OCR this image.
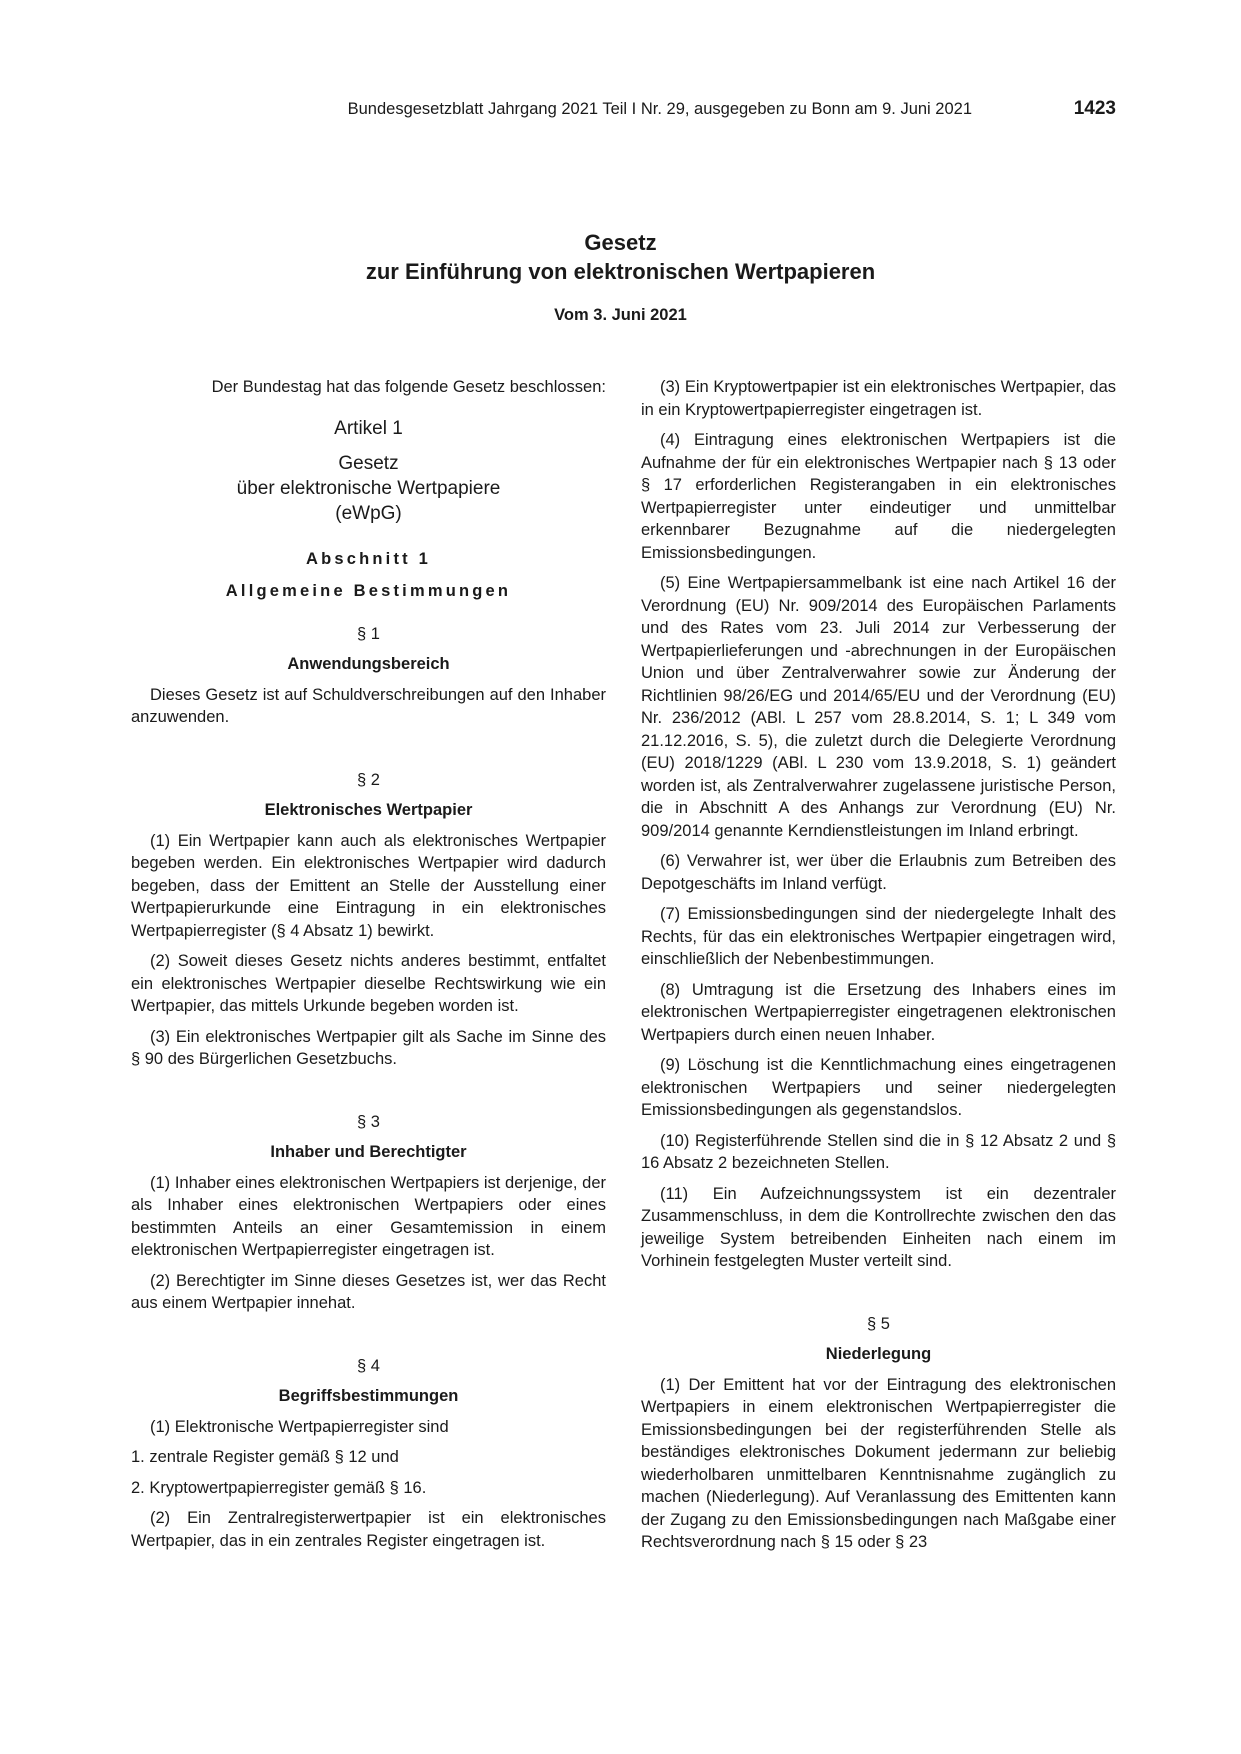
Bundesgesetzblatt Jahrgang 2021 Teil I Nr. 29, ausgegeben zu Bonn am 9. Juni 2021	1423
Gesetz
zur Einführung von elektronischen Wertpapieren
Vom 3. Juni 2021

Der Bundestag hat das folgende Gesetz beschlossen:

Artikel 1
Gesetz
über elektronische Wertpapiere
(eWpG)
Abschnitt 1
Allgemeine Bestimmungen
§ 1
Anwendungsbereich

Dieses Gesetz ist auf Schuldverschreibungen auf den Inhaber anzuwenden.

§ 2
Elektronisches Wertpapier

(1) Ein Wertpapier kann auch als elektronisches Wertpapier begeben werden. Ein elektronisches Wertpapier wird dadurch begeben, dass der Emittent an Stelle der Ausstellung einer Wertpapierurkunde eine Eintragung in ein elektronisches Wertpapierregister (§ 4 Absatz 1) bewirkt.

(2) Soweit dieses Gesetz nichts anderes bestimmt, entfaltet ein elektronisches Wertpapier dieselbe Rechtswirkung wie ein Wertpapier, das mittels Urkunde begeben worden ist.

(3) Ein elektronisches Wertpapier gilt als Sache im Sinne des § 90 des Bürgerlichen Gesetzbuchs.

§ 3
Inhaber und Berechtigter

(1) Inhaber eines elektronischen Wertpapiers ist derjenige, der als Inhaber eines elektronischen Wertpapiers oder eines bestimmten Anteils an einer Gesamtemission in einem elektronischen Wertpapierregister eingetragen ist.

(2) Berechtigter im Sinne dieses Gesetzes ist, wer das Recht aus einem Wertpapier innehat.

§ 4
Begriffsbestimmungen

(1) Elektronische Wertpapierregister sind

1. zentrale Register gemäß § 12 und

2. Kryptowertpapierregister gemäß § 16.

(2) Ein Zentralregisterwertpapier ist ein elektronisches Wertpapier, das in ein zentrales Register eingetragen ist.

(3) Ein Kryptowertpapier ist ein elektronisches Wertpapier, das in ein Kryptowertpapierregister eingetragen ist.

(4) Eintragung eines elektronischen Wertpapiers ist die Aufnahme der für ein elektronisches Wertpapier nach § 13 oder § 17 erforderlichen Registerangaben in ein elektronisches Wertpapierregister unter eindeutiger und unmittelbar erkennbarer Bezugnahme auf die niedergelegten Emissionsbedingungen.

(5) Eine Wertpapiersammelbank ist eine nach Artikel 16 der Verordnung (EU) Nr. 909/2014 des Europäischen Parlaments und des Rates vom 23. Juli 2014 zur Verbesserung der Wertpapierlieferungen und -abrechnungen in der Europäischen Union und über Zentralverwahrer sowie zur Änderung der Richtlinien 98/26/EG und 2014/65/EU und der Verordnung (EU) Nr. 236/2012 (ABl. L 257 vom 28.8.2014, S. 1; L 349 vom 21.12.2016, S. 5), die zuletzt durch die Delegierte Verordnung (EU) 2018/1229 (ABl. L 230 vom 13.9.2018, S. 1) geändert worden ist, als Zentralverwahrer zugelassene juristische Person, die in Abschnitt A des Anhangs zur Verordnung (EU) Nr. 909/2014 genannte Kerndienstleistungen im Inland erbringt.

(6) Verwahrer ist, wer über die Erlaubnis zum Betreiben des Depotgeschäfts im Inland verfügt.

(7) Emissionsbedingungen sind der niedergelegte Inhalt des Rechts, für das ein elektronisches Wertpapier eingetragen wird, einschließlich der Nebenbestimmungen.

(8) Umtragung ist die Ersetzung des Inhabers eines im elektronischen Wertpapierregister eingetragenen elektronischen Wertpapiers durch einen neuen Inhaber.

(9) Löschung ist die Kenntlichmachung eines eingetragenen elektronischen Wertpapiers und seiner niedergelegten Emissionsbedingungen als gegenstandslos.

(10) Registerführende Stellen sind die in § 12 Absatz 2 und § 16 Absatz 2 bezeichneten Stellen.

(11) Ein Aufzeichnungssystem ist ein dezentraler Zusammenschluss, in dem die Kontrollrechte zwischen den das jeweilige System betreibenden Einheiten nach einem im Vorhinein festgelegten Muster verteilt sind.

§ 5
Niederlegung

(1) Der Emittent hat vor der Eintragung des elektronischen Wertpapiers in einem elektronischen Wertpapierregister die Emissionsbedingungen bei der registerführenden Stelle als beständiges elektronisches Dokument jedermann zur beliebig wiederholbaren unmittelbaren Kenntnisnahme zugänglich zu machen (Niederlegung). Auf Veranlassung des Emittenten kann der Zugang zu den Emissionsbedingungen nach Maßgabe einer Rechtsverordnung nach § 15 oder § 23
